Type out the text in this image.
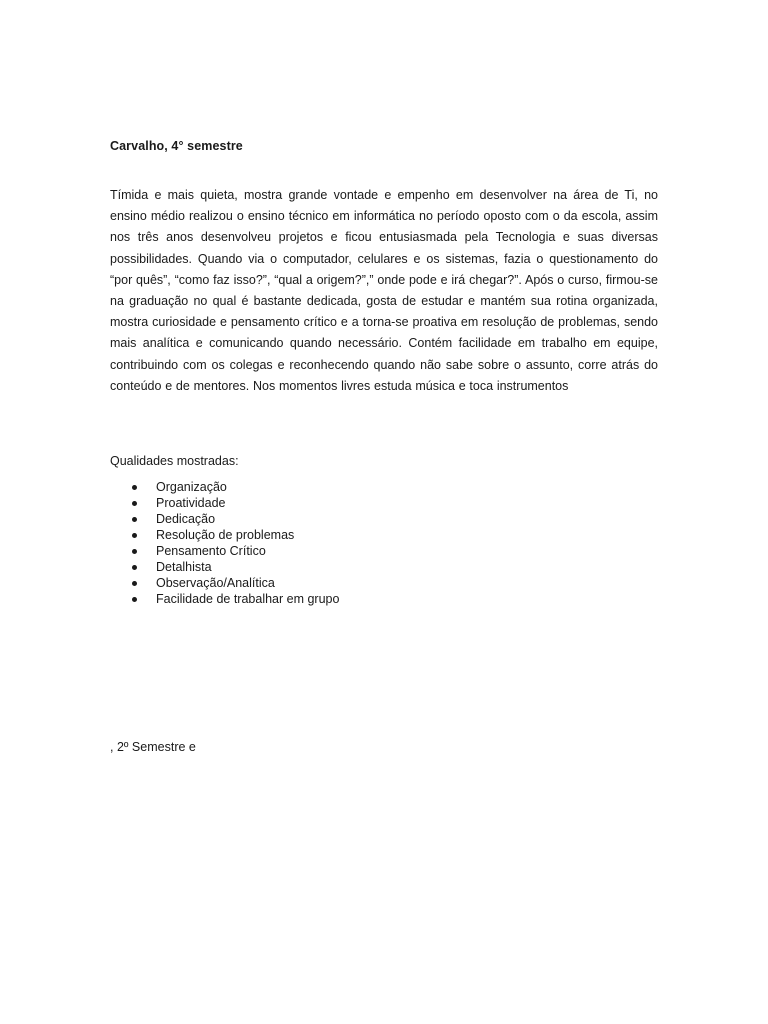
Carvalho, 4° semestre
Tímida e mais quieta, mostra grande vontade e empenho em desenvolver na área de Ti, no ensino médio realizou o ensino técnico em informática no período oposto com o da escola, assim nos três anos desenvolveu projetos e ficou entusiasmada pela Tecnologia e suas diversas possibilidades. Quando via o computador, celulares e os sistemas, fazia o questionamento do “por quês”, “como faz isso?”, “qual a origem?”,” onde pode e irá chegar?”. Após o curso, firmou-se na graduação no qual é bastante dedicada, gosta de estudar e mantém sua rotina organizada, mostra curiosidade e pensamento crítico e a torna-se proativa em resolução de problemas, sendo mais analítica e comunicando quando necessário. Contém facilidade em trabalho em equipe, contribuindo com os colegas e reconhecendo quando não sabe sobre o assunto, corre atrás do conteúdo e de mentores. Nos momentos livres estuda música e toca instrumentos
Qualidades mostradas:
Organização
Proatividade
Dedicação
Resolução de problemas
Pensamento Crítico
Detalhista
Observação/Analítica
Facilidade de trabalhar em grupo
, 2º Semestre e
